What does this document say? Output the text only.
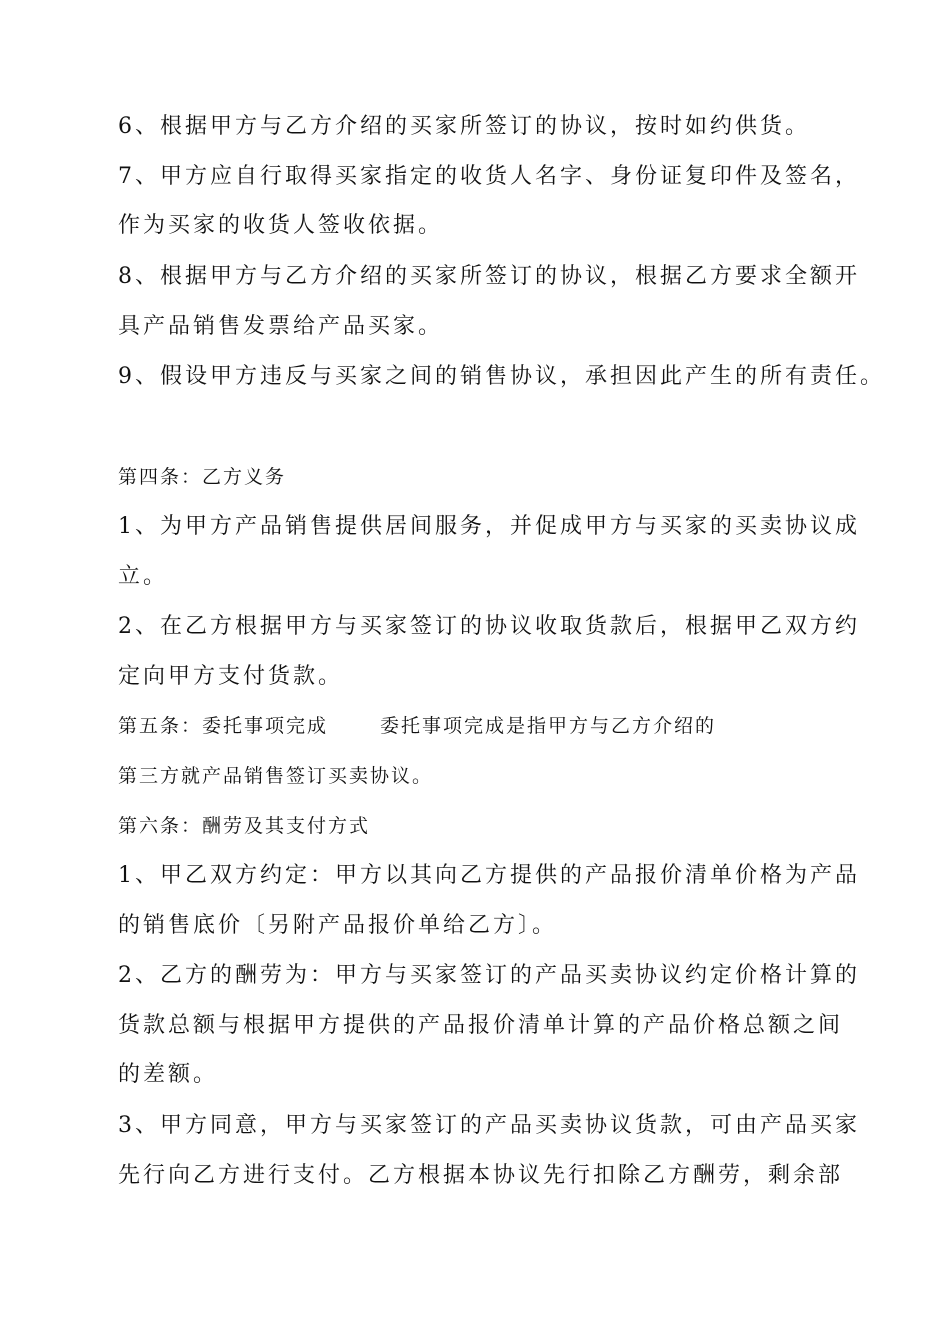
6、根据甲方与乙方介绍的买家所签订的协议，按时如约供货。
7、甲方应自行取得买家指定的收货人名字、身份证复印件及签名，
作为买家的收货人签收依据。
8、根据甲方与乙方介绍的买家所签订的协议，根据乙方要求全额开
具产品销售发票给产品买家。
9、假设甲方违反与买家之间的销售协议，承担因此产生的所有责任。
第四条：乙方义务
1、为甲方产品销售提供居间服务，并促成甲方与买家的买卖协议成
立。
2、在乙方根据甲方与买家签订的协议收取货款后，根据甲乙双方约
定向甲方支付货款。
第五条：委托事项完成	委托事项完成是指甲方与乙方介绍的
第三方就产品销售签订买卖协议。
第六条：酬劳及其支付方式
1、甲乙双方约定：甲方以其向乙方提供的产品报价清单价格为产品
的销售底价〔另附产品报价单给乙方〕。
2、乙方的酬劳为：甲方与买家签订的产品买卖协议约定价格计算的
货款总额与根据甲方提供的产品报价清单计算的产品价格总额之间
的差额。
3、甲方同意，甲方与买家签订的产品买卖协议货款，可由产品买家
先行向乙方进行支付。乙方根据本协议先行扣除乙方酬劳，剩余部
